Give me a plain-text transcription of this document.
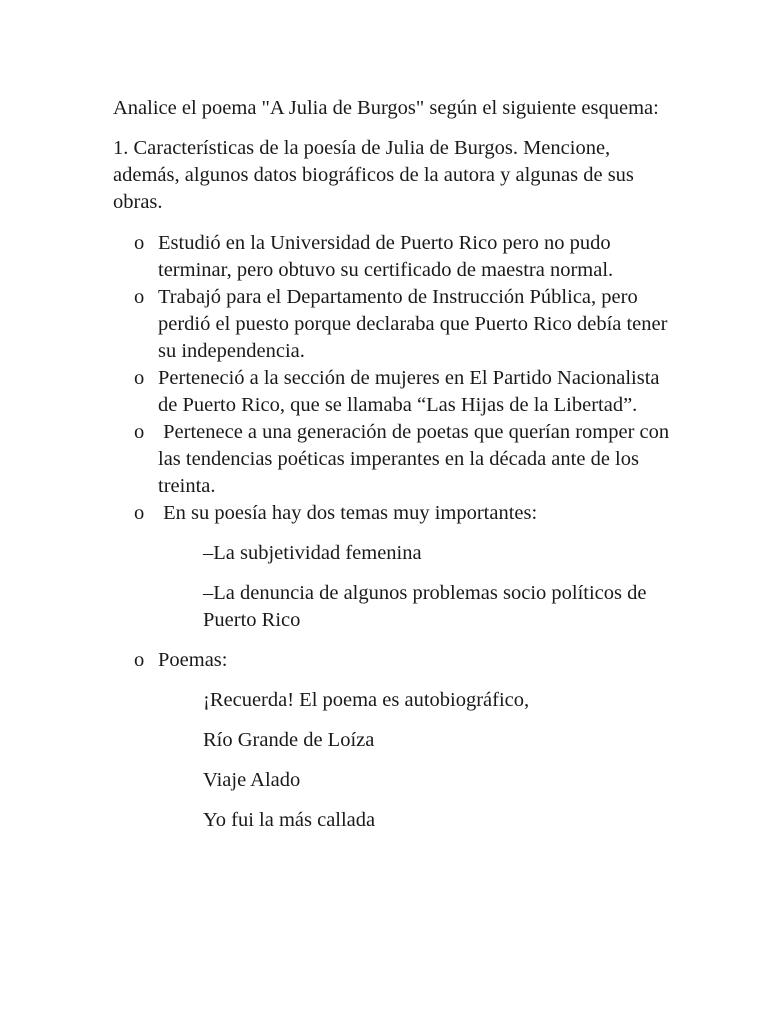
Analice el poema "A Julia de Burgos" según el siguiente esquema:

1. Características de la poesía de Julia de Burgos. Mencione, además, algunos datos biográficos de la autora y algunas de sus obras.

o Estudió en la Universidad de Puerto Rico pero no pudo terminar, pero obtuvo su certificado de maestra normal.
o Trabajó para el Departamento de Instrucción Pública, pero perdió el puesto porque declaraba que Puerto Rico debía tener su independencia.
o Perteneció a la sección de mujeres en El Partido Nacionalista de Puerto Rico, que se llamaba “Las Hijas de la Libertad”.
o Pertenece a una generación de poetas que querían romper con las tendencias poéticas imperantes en la década ante de los treinta.
o En su poesía hay dos temas muy importantes:

–La subjetividad femenina

–La denuncia de algunos problemas socio políticos de Puerto Rico

o Poemas:

¡Recuerda! El poema es autobiográfico,

Río Grande de Loíza

Viaje Alado

Yo fui la más callada
